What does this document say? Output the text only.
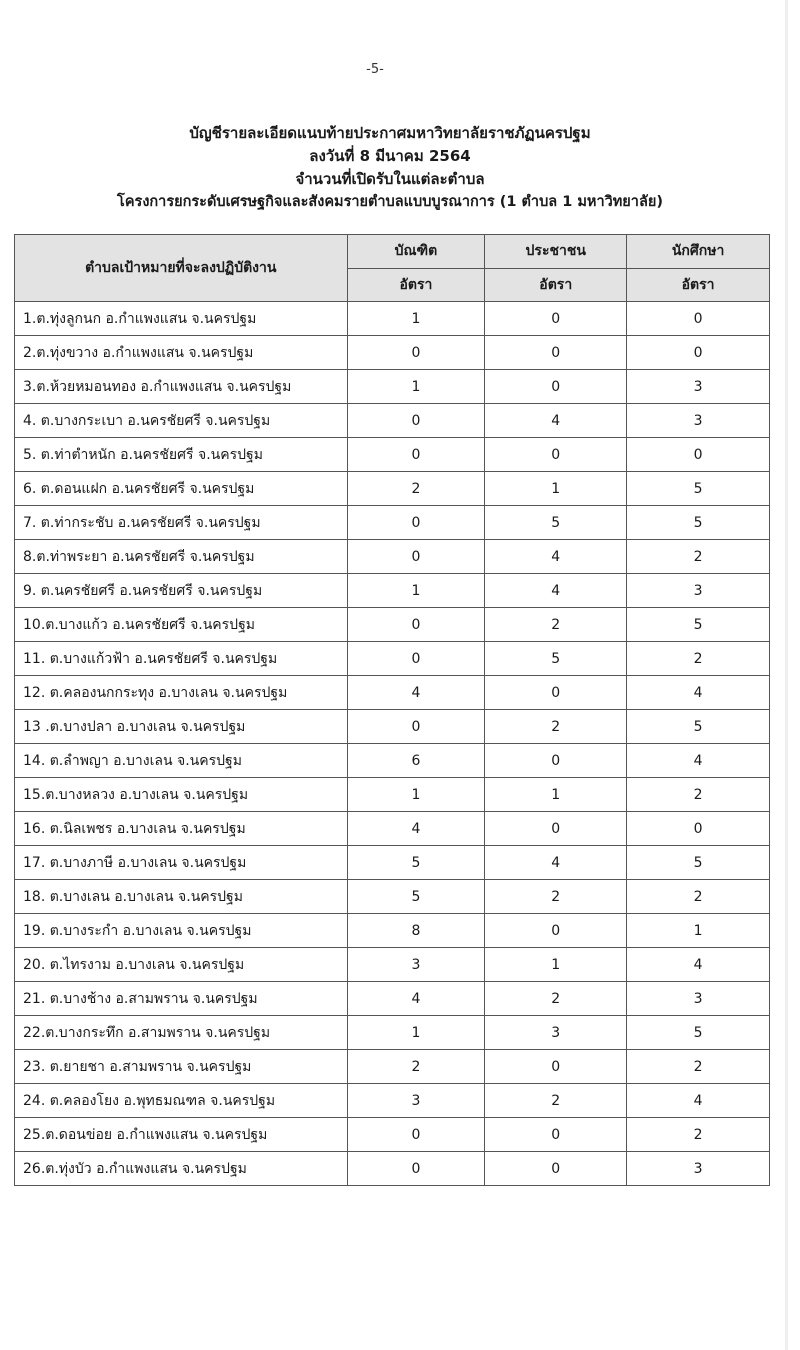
-5-
บัญชีรายละเอียดแนบท้ายประกาศมหาวิทยาลัยราชภัฏนครปฐม
ลงวันที่ 8 มีนาคม 2564
จำนวนที่เปิดรับในแต่ละตำบล
โครงการยกระดับเศรษฐกิจและสังคมรายตำบลแบบบูรณาการ (1 ตำบล 1 มหาวิทยาลัย)
ตำบลเป้าหมายที่จะลงปฏิบัติงาน	บัณฑิต	ประชาชน	นักศึกษา
	อัตรา	อัตรา	อัตรา
1.ต.ทุ่งลูกนก อ.กำแพงแสน จ.นครปฐม	1	0	0
2.ต.ทุ่งขวาง อ.กำแพงแสน จ.นครปฐม	0	0	0
3.ต.ห้วยหมอนทอง อ.กำแพงแสน จ.นครปฐม	1	0	3
4. ต.บางกระเบา อ.นครชัยศรี จ.นครปฐม	0	4	3
5. ต.ท่าตำหนัก อ.นครชัยศรี จ.นครปฐม	0	0	0
6. ต.ดอนแฝก อ.นครชัยศรี จ.นครปฐม	2	1	5
7. ต.ท่ากระชับ อ.นครชัยศรี จ.นครปฐม	0	5	5
8.ต.ท่าพระยา อ.นครชัยศรี จ.นครปฐม	0	4	2
9. ต.นครชัยศรี อ.นครชัยศรี จ.นครปฐม	1	4	3
10.ต.บางแก้ว อ.นครชัยศรี จ.นครปฐม	0	2	5
11. ต.บางแก้วฟ้า อ.นครชัยศรี จ.นครปฐม	0	5	2
12. ต.คลองนกกระทุง อ.บางเลน จ.นครปฐม	4	0	4
13 .ต.บางปลา อ.บางเลน จ.นครปฐม	0	2	5
14. ต.ลำพญา อ.บางเลน จ.นครปฐม	6	0	4
15.ต.บางหลวง อ.บางเลน จ.นครปฐม	1	1	2
16. ต.นิลเพชร อ.บางเลน จ.นครปฐม	4	0	0
17. ต.บางภาษี อ.บางเลน จ.นครปฐม	5	4	5
18. ต.บางเลน อ.บางเลน จ.นครปฐม	5	2	2
19. ต.บางระกำ อ.บางเลน จ.นครปฐม	8	0	1
20. ต.ไทรงาม อ.บางเลน จ.นครปฐม	3	1	4
21. ต.บางช้าง อ.สามพราน จ.นครปฐม	4	2	3
22.ต.บางกระทึก อ.สามพราน จ.นครปฐม	1	3	5
23. ต.ยายชา อ.สามพราน จ.นครปฐม	2	0	2
24. ต.คลองโยง อ.พุทธมณฑล จ.นครปฐม	3	2	4
25.ต.ดอนข่อย อ.กำแพงแสน จ.นครปฐม	0	0	2
26.ต.ทุ่งบัว อ.กำแพงแสน จ.นครปฐม	0	0	3
